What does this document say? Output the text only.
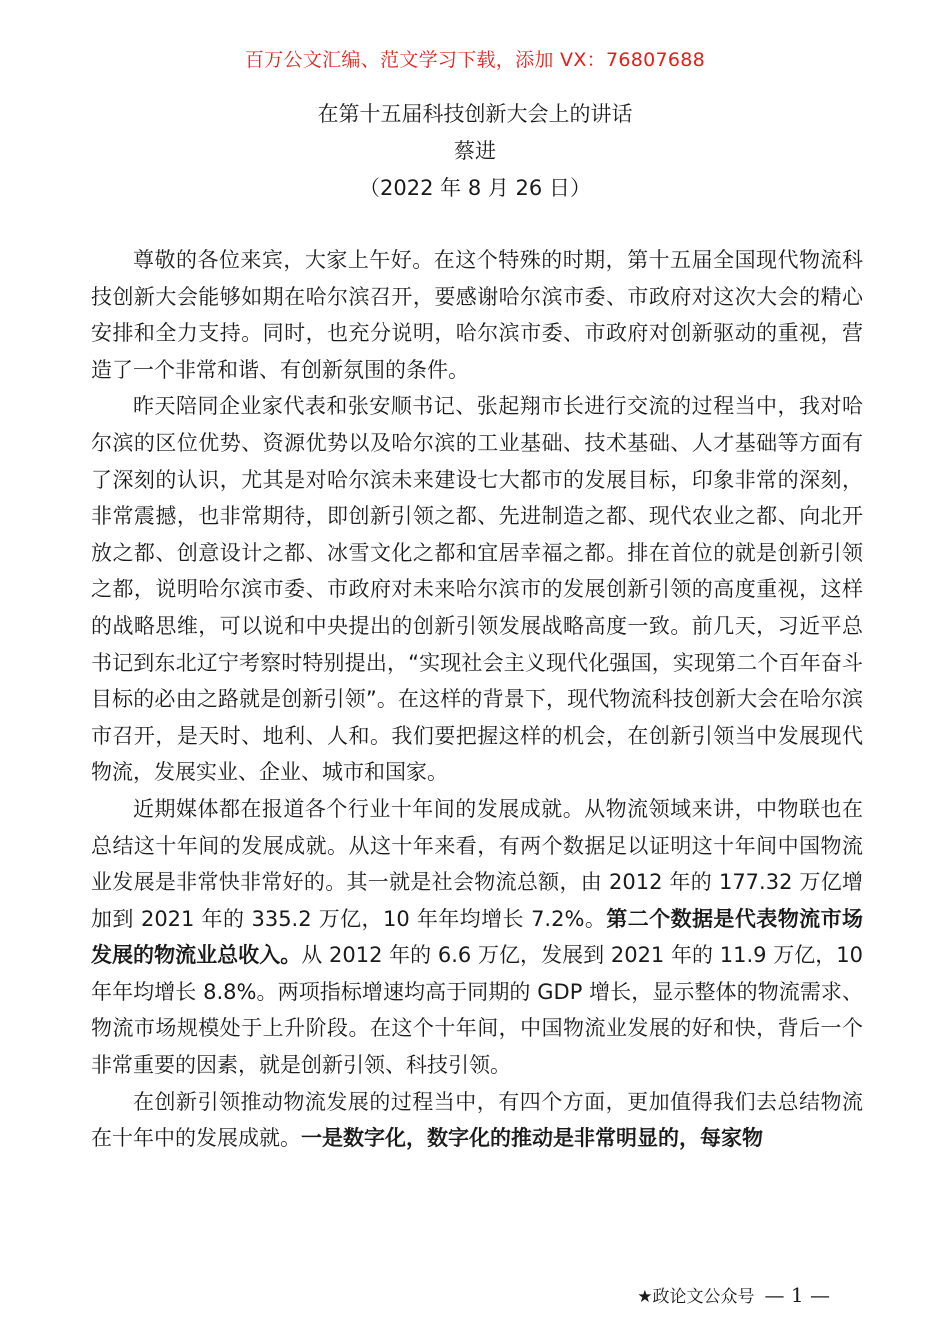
百万公文汇编、范文学习下载，添加 VX：76807688
在第十五届科技创新大会上的讲话
蔡进
（2022 年 8 月 26 日）

尊敬的各位来宾，大家上午好。在这个特殊的时期，第十五届全国现代物流科技创新大会能够如期在哈尔滨召开，要感谢哈尔滨市委、市政府对这次大会的精心安排和全力支持。同时，也充分说明，哈尔滨市委、市政府对创新驱动的重视，营造了一个非常和谐、有创新氛围的条件。

昨天陪同企业家代表和张安顺书记、张起翔市长进行交流的过程当中，我对哈尔滨的区位优势、资源优势以及哈尔滨的工业基础、技术基础、人才基础等方面有了深刻的认识，尤其是对哈尔滨未来建设七大都市的发展目标，印象非常的深刻，非常震撼，也非常期待，即创新引领之都、先进制造之都、现代农业之都、向北开放之都、创意设计之都、冰雪文化之都和宜居幸福之都。排在首位的就是创新引领之都，说明哈尔滨市委、市政府对未来哈尔滨市的发展创新引领的高度重视，这样的战略思维，可以说和中央提出的创新引领发展战略高度一致。前几天，习近平总书记到东北辽宁考察时特别提出，“实现社会主义现代化强国，实现第二个百年奋斗目标的必由之路就是创新引领”。在这样的背景下，现代物流科技创新大会在哈尔滨市召开，是天时、地利、人和。我们要把握这样的机会，在创新引领当中发展现代物流，发展实业、企业、城市和国家。

近期媒体都在报道各个行业十年间的发展成就。从物流领域来讲，中物联也在总结这十年间的发展成就。从这十年来看，有两个数据足以证明这十年间中国物流业发展是非常快非常好的。其一就是社会物流总额，由 2012 年的 177.32 万亿增加到 2021 年的 335.2 万亿，10 年年均增长 7.2%。第二个数据是代表物流市场发展的物流业总收入。从 2012 年的 6.6 万亿，发展到 2021 年的 11.9 万亿，10 年年均增长 8.8%。两项指标增速均高于同期的 GDP 增长，显示整体的物流需求、物流市场规模处于上升阶段。在这个十年间，中国物流业发展的好和快，背后一个非常重要的因素，就是创新引领、科技引领。

在创新引领推动物流发展的过程当中，有四个方面，更加值得我们去总结物流在十年中的发展成就。一是数字化，数字化的推动是非常明显的，每家物

★政论文公众号 — 1 —
